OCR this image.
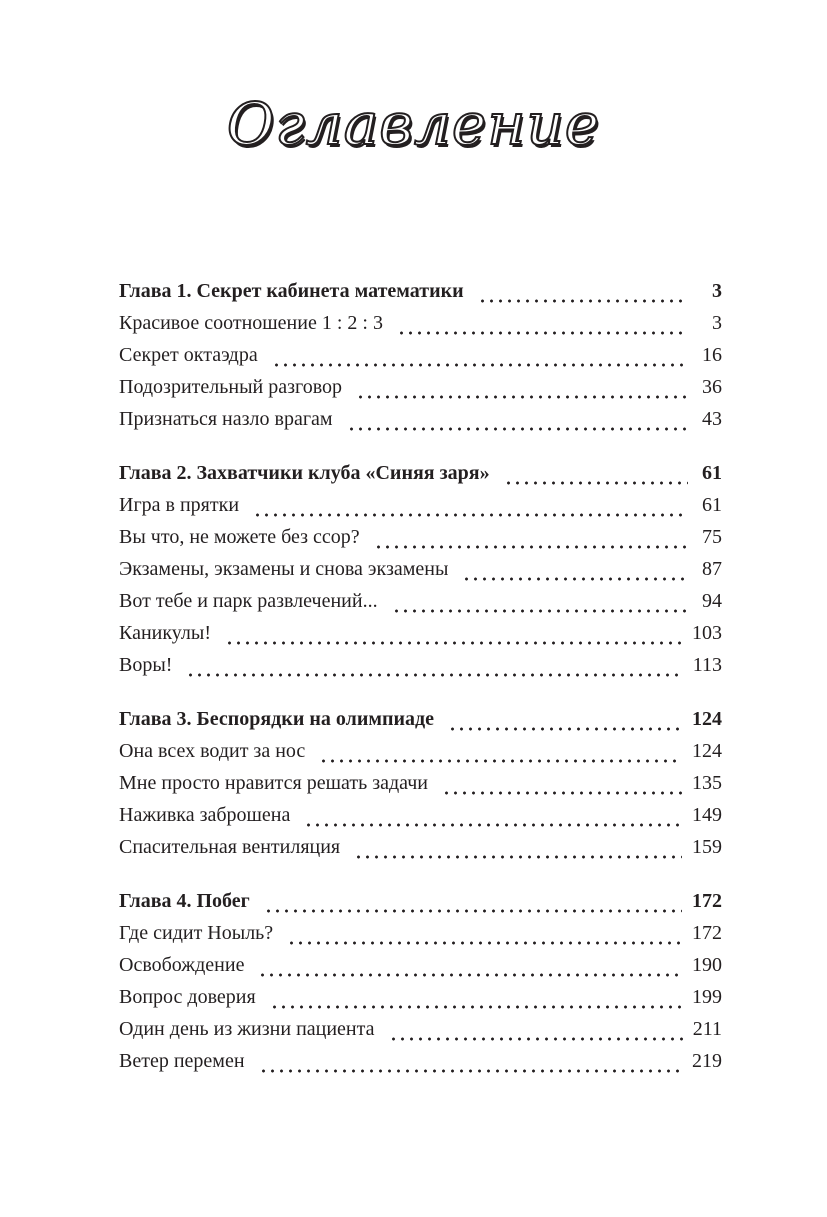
Оглавление
Глава 1. Секрет кабинета математики	3
Красивое соотношение 1 : 2 : 3	3
Секрет октаэдра	16
Подозрительный разговор	36
Признаться назло врагам	43
Глава 2. Захватчики клуба «Синяя заря»	61
Игра в прятки	61
Вы что, не можете без ссор?	75
Экзамены, экзамены и снова экзамены	87
Вот тебе и парк развлечений...	94
Каникулы!	103
Воры!	113
Глава 3. Беспорядки на олимпиаде	124
Она всех водит за нос	124
Мне просто нравится решать задачи	135
Наживка заброшена	149
Спасительная вентиляция	159
Глава 4. Побег	172
Где сидит Ноыль?	172
Освобождение	190
Вопрос доверия	199
Один день из жизни пациента	211
Ветер перемен	219
